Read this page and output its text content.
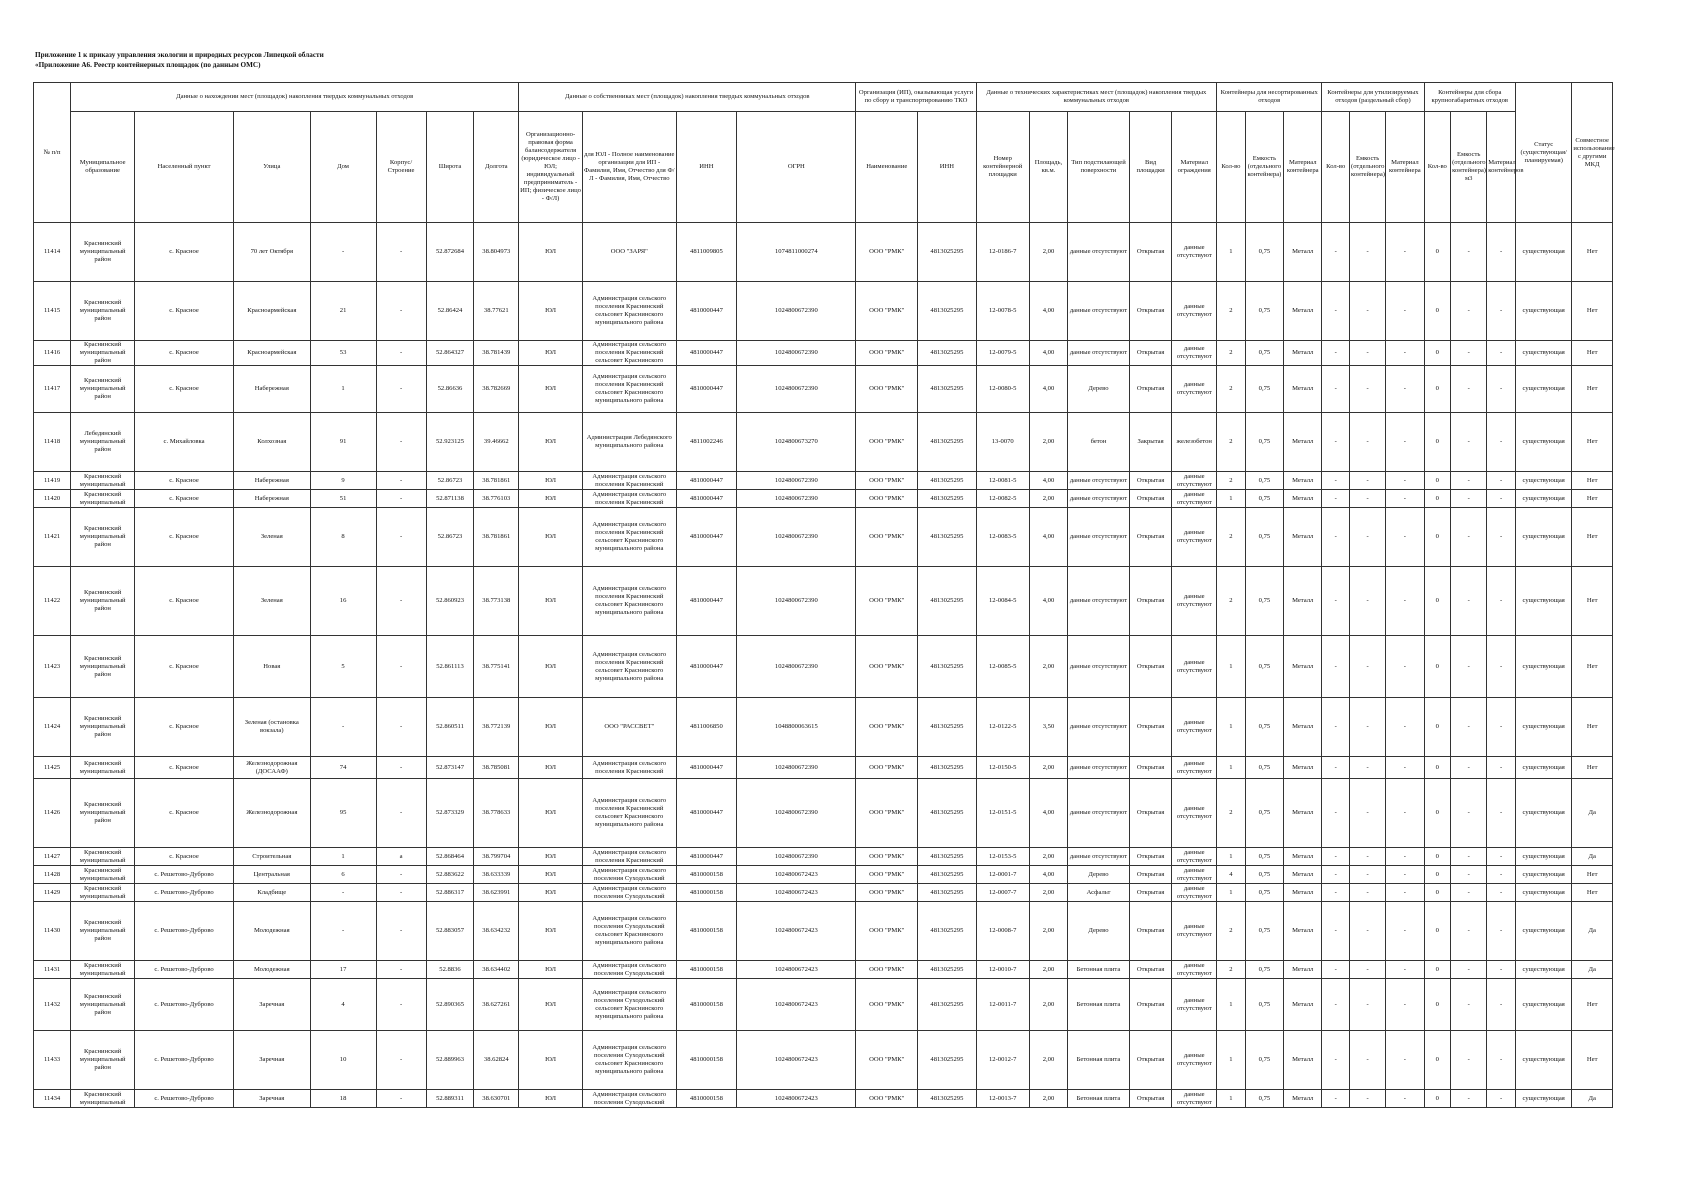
Приложение 1 к приказу управления экологии и природных ресурсов Липецкой области
«Приложение А6. Реестр контейнерных площадок (по данным ОМС)
№ п/п	Данные о нахождении мест (площадок) накопления твердых коммунальных отходов							Данные о собственниках мест (площадок) накопления твердых коммунальных отходов				Организация (ИП), оказывающая услуги по сбору и транспортированию ТКО		Данные о технических характеристиках мест (площадок) накопления твердых коммунальных отходов					Контейнеры для несортированных отходов			Контейнеры для утилизируемых отходов (раздельный сбор)			Контейнеры для сбора крупногабаритных отходов			Статус (существующая/планируемая)	Совместное использование с другими МКД
	Муниципальное образование	Населенный пункт	Улица	Дом	Корпус/Строение	Широта	Долгота	Организационно-правовая форма балансодержателя (юридическое лицо - ЮЛ; индивидуальный предприниматель - ИП; физическое лицо - Ф/Л)	для ЮЛ - Полное наименование организации для ИП - Фамилия, Имя, Отчество для Ф/Л - Фамилия, Имя, Отчество	ИНН	ОГРН	Наименование	ИНН	Номер контейнерной площадки	Площадь, кв.м.	Тип подстилающей поверхности	Вид площадки	Материал ограждения	Кол-во	Емкость (отдельного контейнера)	Материал контейнера	Кол-во	Емкость (отдельного контейнера)	Материал контейнера	Кол-во	Емкость (отдельного контейнера) м3	Материал контейнеров		
11414	Краснинский муниципальный район	с. Красное	70 лет Октября	-	-	52.872684	38.804973	ЮЛ	ООО "ЗАРЯ"	4811009805	1074811000274	ООО "РМК"	4813025295	12-0186-7	2,00	данные отсутствуют	Открытая	данные отсутствуют	1	0,75	Металл	-	-	-	0	-	-	существующая	Нет
11415	Краснинский муниципальный район	с. Красное	Красноармейская	21	-	52.86424	38.77621	ЮЛ	Администрация сельского поселения Краснинский сельсовет Краснинского муниципального района	4810000447	1024800672390	ООО "РМК"	4813025295	12-0078-5	4,00	данные отсутствуют	Открытая	данные отсутствуют	2	0,75	Металл	-	-	-	0	-	-	существующая	Нет
11416	Краснинский муниципальный район	с. Красное	Красноармейская	53	-	52.864327	38.781439	ЮЛ	Администрация сельского поселения Краснинский сельсовет Краснинского	4810000447	1024800672390	ООО "РМК"	4813025295	12-0079-5	4,00	данные отсутствуют	Открытая	данные отсутствуют	2	0,75	Металл	-	-	-	0	-	-	существующая	Нет
11417	Краснинский муниципальный район	с. Красное	Набережная	1	-	52.86636	38.782669	ЮЛ	Администрация сельского поселения Краснинский сельсовет Краснинского муниципального района	4810000447	1024800672390	ООО "РМК"	4813025295	12-0080-5	4,00	Дерево	Открытая	данные отсутствуют	2	0,75	Металл	-	-	-	0	-	-	существующая	Нет
11418	Лебедянский муниципальный район	с. Михайловка	Колхозная	91	-	52.923125	39.46662	ЮЛ	Администрация Лебедянского муниципального района	4811002246	1024800673270	ООО "РМК"	4813025295	13-0070	2,00	бетон	Закрытая	железобетон	2	0,75	Металл	-	-	-	0	-	-	существующая	Нет
11419	Краснинский муниципальный	с. Красное	Набережная	9	-	52.86723	38.781861	ЮЛ	Администрация сельского поселения Краснинский	4810000447	1024800672390	ООО "РМК"	4813025295	12-0081-5	4,00	данные отсутствуют	Открытая	данные отсутствуют	2	0,75	Металл	-	-	-	0	-	-	существующая	Нет
11420	Краснинский муниципальный	с. Красное	Набережная	51	-	52.871138	38.776103	ЮЛ	Администрация сельского поселения Краснинский	4810000447	1024800672390	ООО "РМК"	4813025295	12-0082-5	2,00	данные отсутствуют	Открытая	данные отсутствуют	1	0,75	Металл	-	-	-	0	-	-	существующая	Нет
11421	Краснинский муниципальный район	с. Красное	Зеленая	8	-	52.86723	38.781861	ЮЛ	Администрация сельского поселения Краснинский сельсовет Краснинского муниципального района	4810000447	1024800672390	ООО "РМК"	4813025295	12-0083-5	4,00	данные отсутствуют	Открытая	данные отсутствуют	2	0,75	Металл	-	-	-	0	-	-	существующая	Нет
11422	Краснинский муниципальный район	с. Красное	Зеленая	16	-	52.860923	38.773138	ЮЛ	Администрация сельского поселения Краснинский сельсовет Краснинского муниципального района	4810000447	1024800672390	ООО "РМК"	4813025295	12-0084-5	4,00	данные отсутствуют	Открытая	данные отсутствуют	2	0,75	Металл	-	-	-	0	-	-	существующая	Нет
11423	Краснинский муниципальный район	с. Красное	Новая	5	-	52.861113	38.775141	ЮЛ	Администрация сельского поселения Краснинский сельсовет Краснинского муниципального района	4810000447	1024800672390	ООО "РМК"	4813025295	12-0085-5	2,00	данные отсутствуют	Открытая	данные отсутствуют	1	0,75	Металл	-	-	-	0	-	-	существующая	Нет
11424	Краснинский муниципальный район	с. Красное	Зеленая (остановка вокзала)	-	-	52.860511	38.772139	ЮЛ	ООО "РАССВЕТ"	4811006850	1048800063615	ООО "РМК"	4813025295	12-0122-5	3,50	данные отсутствуют	Открытая	данные отсутствуют	1	0,75	Металл	-	-	-	0	-	-	существующая	Нет
11425	Краснинский муниципальный	с. Красное	Железнодорожная (ДОСААФ)	74	-	52.873147	38.785081	ЮЛ	Администрация сельского поселения Краснинский	4810000447	1024800672390	ООО "РМК"	4813025295	12-0150-5	2,00	данные отсутствуют	Открытая	данные отсутствуют	1	0,75	Металл	-	-	-	0	-	-	существующая	Нет
11426	Краснинский муниципальный район	с. Красное	Железнодорожная	95	-	52.873329	38.778633	ЮЛ	Администрация сельского поселения Краснинский сельсовет Краснинского муниципального района	4810000447	1024800672390	ООО "РМК"	4813025295	12-0151-5	4,00	данные отсутствуют	Открытая	данные отсутствуют	2	0,75	Металл	-	-	-	0	-	-	существующая	Да
11427	Краснинский муниципальный	с. Красное	Строительная	1	а	52.868464	38.799704	ЮЛ	Администрация сельского поселения Краснинский	4810000447	1024800672390	ООО "РМК"	4813025295	12-0153-5	2,00	данные отсутствуют	Открытая	данные отсутствуют	1	0,75	Металл	-	-	-	0	-	-	существующая	Да
11428	Краснинский муниципальный	с. Решетово-Дуброво	Центральная	6	-	52.883622	38.633339	ЮЛ	Администрация сельского поселения Суходольский	4810000158	1024800672423	ООО "РМК"	4813025295	12-0001-7	4,00	Дерево	Открытая	данные отсутствуют	4	0,75	Металл	-	-	-	0	-	-	существующая	Нет
11429	Краснинский муниципальный	с. Решетово-Дуброво	Кладбище	-	-	52.886317	38.623991	ЮЛ	Администрация сельского поселения Суходольский	4810000158	1024800672423	ООО "РМК"	4813025295	12-0007-7	2,00	Асфальт	Открытая	данные отсутствуют	1	0,75	Металл	-	-	-	0	-	-	существующая	Нет
11430	Краснинский муниципальный район	с. Решетово-Дуброво	Молодежная	-	-	52.883057	38.634232	ЮЛ	Администрация сельского поселения Суходольский сельсовет Краснинского муниципального района	4810000158	1024800672423	ООО "РМК"	4813025295	12-0008-7	2,00	Дерево	Открытая	данные отсутствуют	2	0,75	Металл	-	-	-	0	-	-	существующая	Да
11431	Краснинский муниципальный	с. Решетово-Дуброво	Молодежная	17	-	52.8836	38.634402	ЮЛ	Администрация сельского поселения Суходольский	4810000158	1024800672423	ООО "РМК"	4813025295	12-0010-7	2,00	Бетонная плита	Открытая	данные отсутствуют	2	0,75	Металл	-	-	-	0	-	-	существующая	Да
11432	Краснинский муниципальный район	с. Решетово-Дуброво	Заречная	4	-	52.890365	38.627261	ЮЛ	Администрация сельского поселения Суходольский сельсовет Краснинского муниципального района	4810000158	1024800672423	ООО "РМК"	4813025295	12-0011-7	2,00	Бетонная плита	Открытая	данные отсутствуют	1	0,75	Металл	-	-	-	0	-	-	существующая	Нет
11433	Краснинский муниципальный район	с. Решетово-Дуброво	Заречная	10	-	52.889963	38.62824	ЮЛ	Администрация сельского поселения Суходольский сельсовет Краснинского муниципального района	4810000158	1024800672423	ООО "РМК"	4813025295	12-0012-7	2,00	Бетонная плита	Открытая	данные отсутствуют	1	0,75	Металл	-	-	-	0	-	-	существующая	Нет
11434	Краснинский муниципальный	с. Решетово-Дуброво	Заречная	18	-	52.889311	38.630701	ЮЛ	Администрация сельского поселения Суходольский	4810000158	1024800672423	ООО "РМК"	4813025295	12-0013-7	2,00	Бетонная плита	Открытая	данные отсутствуют	1	0,75	Металл	-	-	-	0	-	-	существующая	Да
